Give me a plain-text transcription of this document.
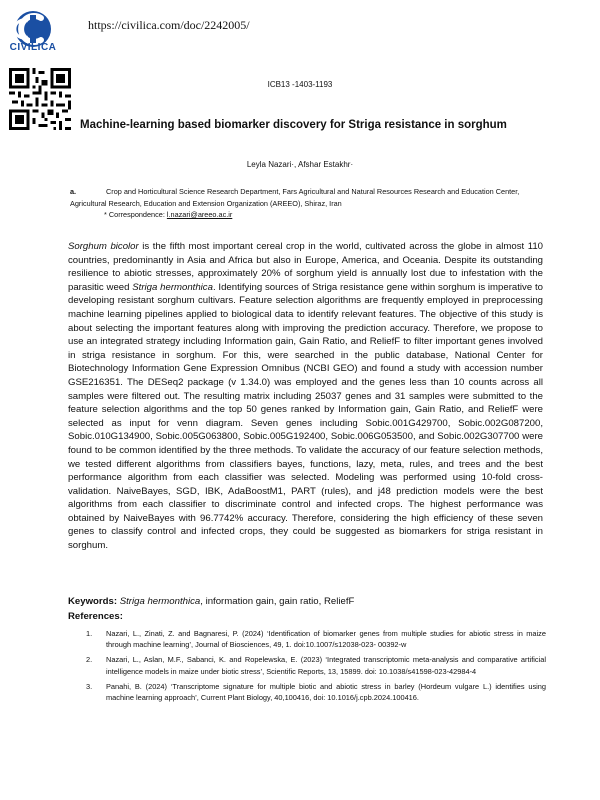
CIVILICA
https://civilica.com/doc/2242005/
ICB13 -1403-1193
Machine-learning based biomarker discovery for Striga resistance in sorghum
Leyla Nazari·, Afshar Estakhr·
a.	Crop and Horticultural Science Research Department, Fars Agricultural and Natural Resources Research and Education Center, Agricultural Research, Education and Extension Organization (AREEO), Shiraz, Iran
* Correspondence: l.nazari@areeo.ac.ir

Sorghum bicolor is the fifth most important cereal crop in the world, cultivated across the globe in almost 110 countries, predominantly in Asia and Africa but also in Europe, America, and Oceania. Despite its outstanding resilience to abiotic stresses, approximately 20% of sorghum yield is annually lost due to infestation with the parasitic weed Striga hermonthica. Identifying sources of Striga resistance gene within sorghum is imperative to developing resistant sorghum cultivars. Feature selection algorithms are frequently employed in preprocessing machine learning pipelines applied to biological data to identify relevant features. The objective of this study is about selecting the important features along with improving the prediction accuracy. Therefore, we propose to use an integrated strategy including Information gain, Gain Ratio, and ReliefF to filter important genes involved in striga resistance in sorghum. For this, were searched in the public database, National Center for Biotechnology Information Gene Expression Omnibus (NCBI GEO) and found a study with accession number GSE216351. The DESeq2 package (v 1.34.0) was employed and the genes less than 10 counts across all samples were filtered out. The resulting matrix including 25037 genes and 31 samples were submitted to the feature selection algorithms and the top 50 genes ranked by Information gain, Gain Ratio, and ReliefF were selected as input for venn diagram. Seven genes including Sobic.001G429700, Sobic.002G087200, Sobic.010G134900, Sobic.005G063800, Sobic.005G192400, Sobic.006G053500, and Sobic.002G307700 were found to be common identified by the three methods. To validate the accuracy of our feature selection methods, we tested different algorithms from classifiers bayes, functions, lazy, meta, rules, and trees and the best performance algorithm from each classifier was selected. Modeling was performed using 10-fold cross-validation. NaiveBayes, SGD, IBK, AdaBoostM1, PART (rules), and j48 prediction models were the best algorithms from each classifier to discriminate control and infected crops. The highest performance was obtained by NaiveBayes with 96.7742% accuracy. Therefore, considering the high efficiency of these seven genes to classify control and infected crops, they could be suggested as biomarkers for striga resistant in sorghum.

Keywords: Striga hermonthica, information gain, gain ratio, ReliefF
References:
1. Nazari, L., Zinati, Z. and Bagnaresi, P. (2024) ‘Identification of biomarker genes from multiple studies for abiotic stress in maize through machine learning’, Journal of Biosciences, 49, 1. doi:10.1007/s12038-023- 00392-w
2. Nazari, L., Aslan, M.F., Sabanci, K. and Ropelewska, E. (2023) ‘Integrated transcriptomic meta-analysis and comparative artificial intelligence models in maize under biotic stress’, Scientific Reports, 13, 15899. doi: 10.1038/s41598-023-42984-4
3. Panahi, B. (2024) ‘Transcriptome signature for multiple biotic and abiotic stress in barley (Hordeum vulgare L.) identifies using machine learning approach’, Current Plant Biology, 40,100416, doi: 10.1016/j.cpb.2024.100416.
